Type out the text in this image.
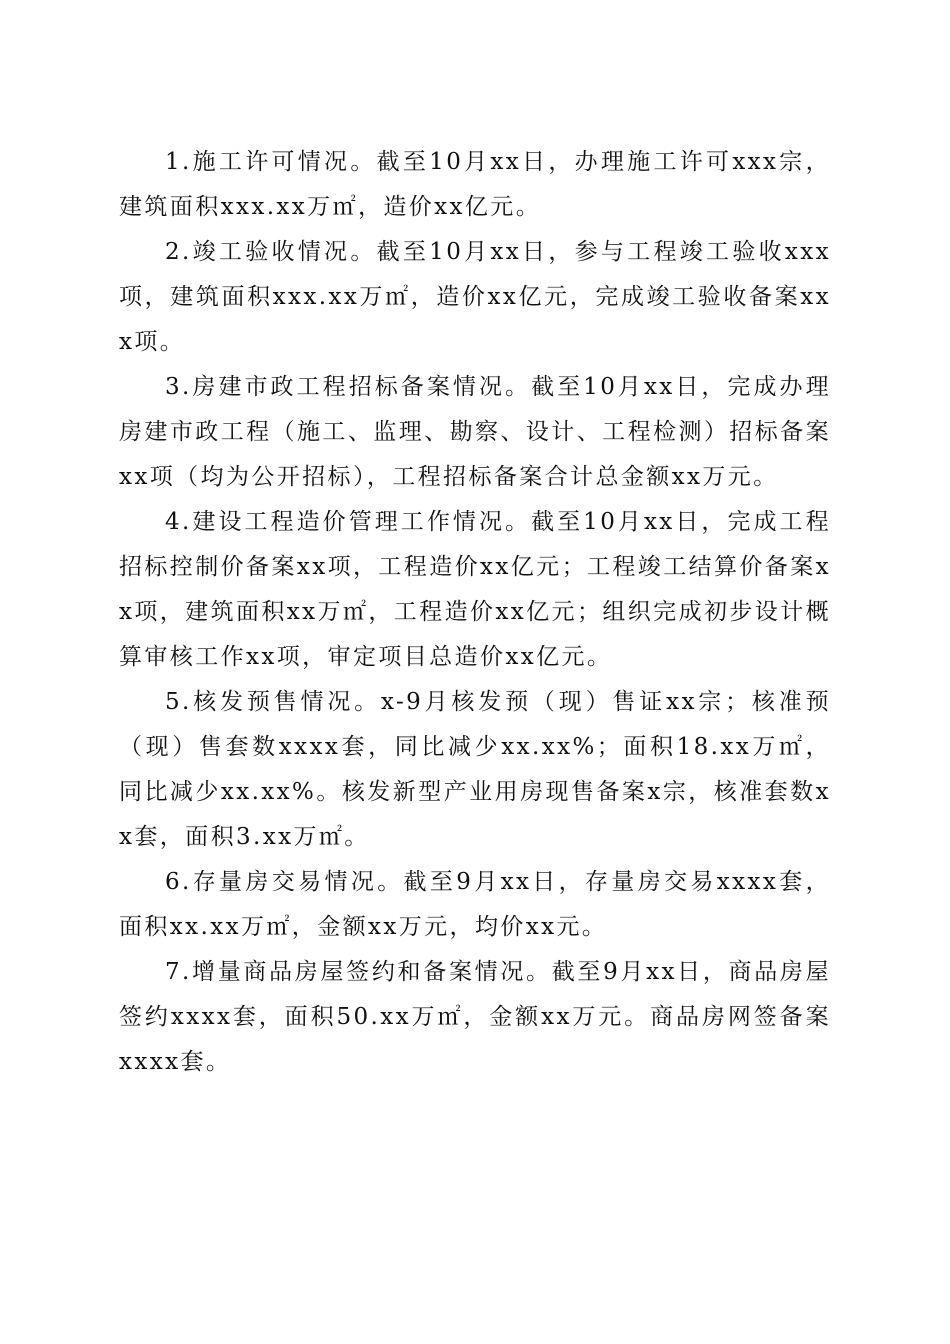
1.施工许可情况。截至10月xx日，办理施工许可xxx宗，建筑面积xxx.xx万㎡，造价xx亿元。

2.竣工验收情况。截至10月xx日，参与工程竣工验收xxx项，建筑面积xxx.xx万㎡，造价xx亿元，完成竣工验收备案xxx项。

3.房建市政工程招标备案情况。截至10月xx日，完成办理房建市政工程（施工、监理、勘察、设计、工程检测）招标备案xx项（均为公开招标），工程招标备案合计总金额xx万元。

4.建设工程造价管理工作情况。截至10月xx日，完成工程招标控制价备案xx项，工程造价xx亿元；工程竣工结算价备案xx项，建筑面积xx万㎡，工程造价xx亿元；组织完成初步设计概算审核工作xx项，审定项目总造价xx亿元。

5.核发预售情况。x-9月核发预（现）售证xx宗；核准预（现）售套数xxxx套，同比减少xx.xx%；面积18.xx万㎡，同比减少xx.xx%。核发新型产业用房现售备案x宗，核准套数xx套，面积3.xx万㎡。

6.存量房交易情况。截至9月xx日，存量房交易xxxx套，面积xx.xx万㎡，金额xx万元，均价xx元。

7.增量商品房屋签约和备案情况。截至9月xx日，商品房屋签约xxxx套，面积50.xx万㎡，金额xx万元。商品房网签备案xxxx套。
